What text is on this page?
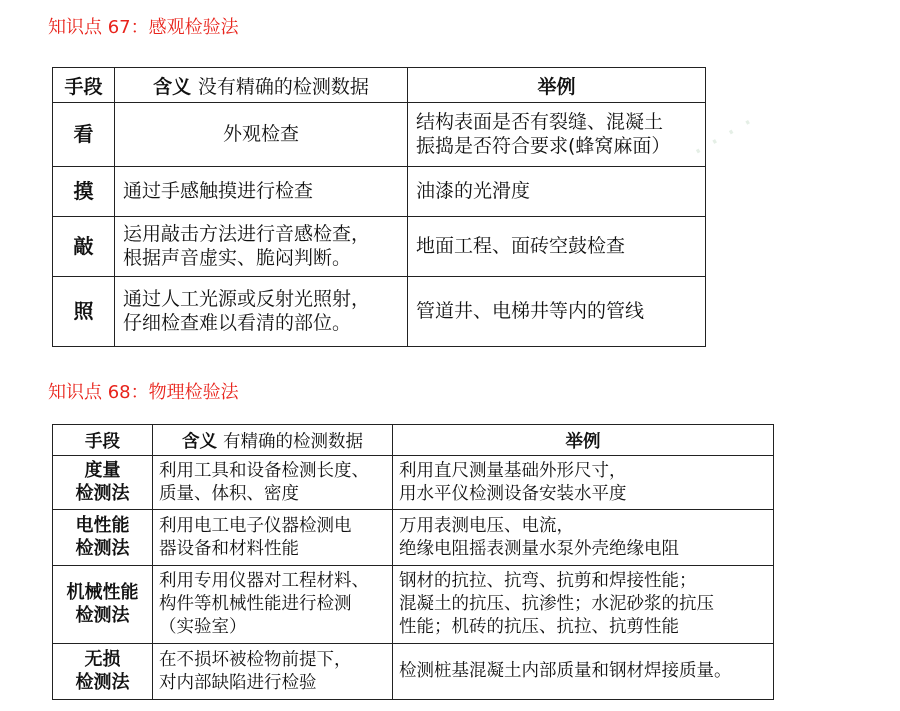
· · · ·
知识点 67：感观检验法
手段	含义 没有精确的检测数据	举例
看	外观检查	结构表面是否有裂缝、混凝土
振捣是否符合要求(蜂窝麻面）

摸	通过手感触摸进行检查	油漆的光滑度

敲	运用敲击方法进行音感检查，
根据声音虚实、脆闷判断。	地面工程、面砖空鼓检查

照	通过人工光源或反射光照射，
仔细检查难以看清的部位。	管道井、电梯井等内的管线
知识点 68：物理检验法
手段	含义 有精确的检测数据	举例

度量
检测法	利用工具和设备检测长度、
质量、体积、密度	利用直尺测量基础外形尺寸，
用水平仪检测设备安装水平度

电性能
检测法	利用电工电子仪器检测电
器设备和材料性能	万用表测电压、电流，
绝缘电阻摇表测量水泵外壳绝缘电阻

机械性能
检测法	利用专用仪器对工程材料、
构件等机械性能进行检测
（实验室）	钢材的抗拉、抗弯、抗剪和焊接性能；
混凝土的抗压、抗渗性；水泥砂浆的抗压
性能；机砖的抗压、抗拉、抗剪性能

无损
检测法	在不损坏被检物前提下，
对内部缺陷进行检验	检测桩基混凝土内部质量和钢材焊接质量。
